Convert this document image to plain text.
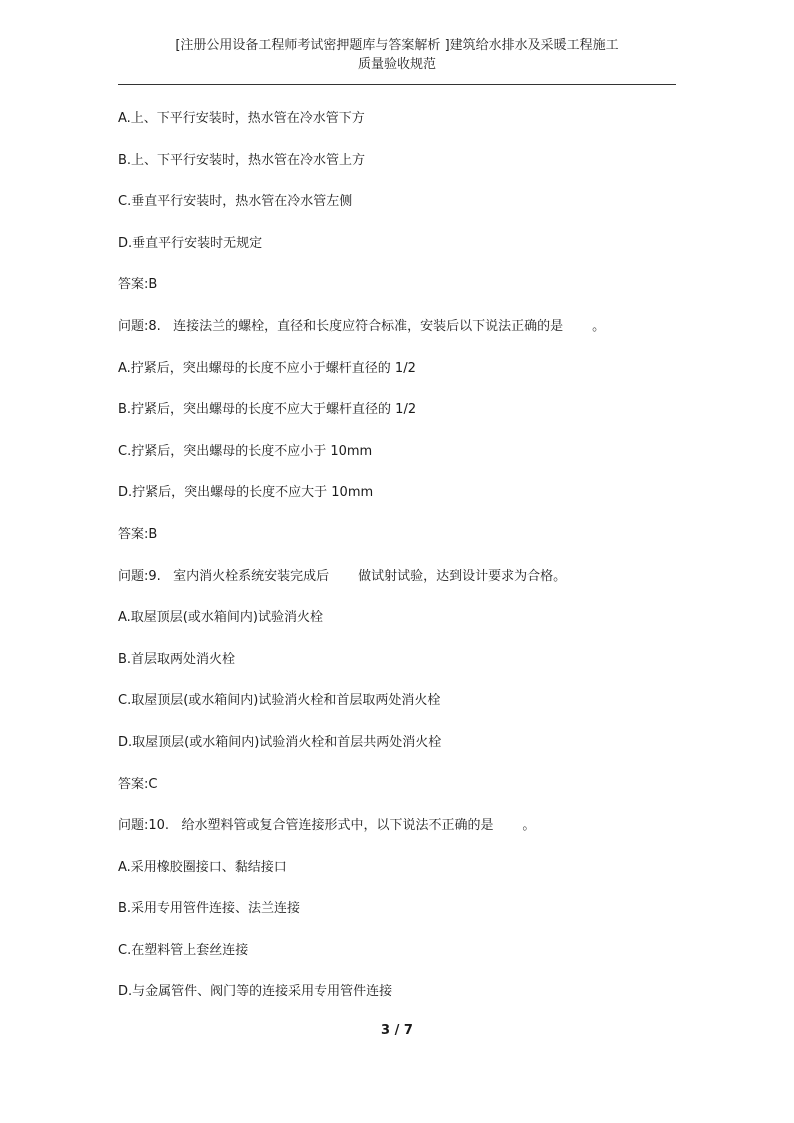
[注册公用设备工程师考试密押题库与答案解析 ]建筑给水排水及采暖工程施工
质量验收规范
A.上、下平行安装时，热水管在冷水管下方
B.上、下平行安装时，热水管在冷水管上方
C.垂直平行安装时，热水管在冷水管左侧
D.垂直平行安装时无规定
答案:B
问题:8.   连接法兰的螺栓，直径和长度应符合标准，安装后以下说法正确的是       。
A.拧紧后，突出螺母的长度不应小于螺杆直径的 1/2
B.拧紧后，突出螺母的长度不应大于螺杆直径的 1/2
C.拧紧后，突出螺母的长度不应小于 10mm
D.拧紧后，突出螺母的长度不应大于 10mm
答案:B
问题:9.   室内消火栓系统安装完成后       做试射试验，达到设计要求为合格。
A.取屋顶层(或水箱间内)试验消火栓
B.首层取两处消火栓
C.取屋顶层(或水箱间内)试验消火栓和首层取两处消火栓
D.取屋顶层(或水箱间内)试验消火栓和首层共两处消火栓
答案:C
问题:10.   给水塑料管或复合管连接形式中，以下说法不正确的是       。
A.采用橡胶圈接口、黏结接口
B.采用专用管件连接、法兰连接
C.在塑料管上套丝连接
D.与金属管件、阀门等的连接采用专用管件连接
3 / 7
